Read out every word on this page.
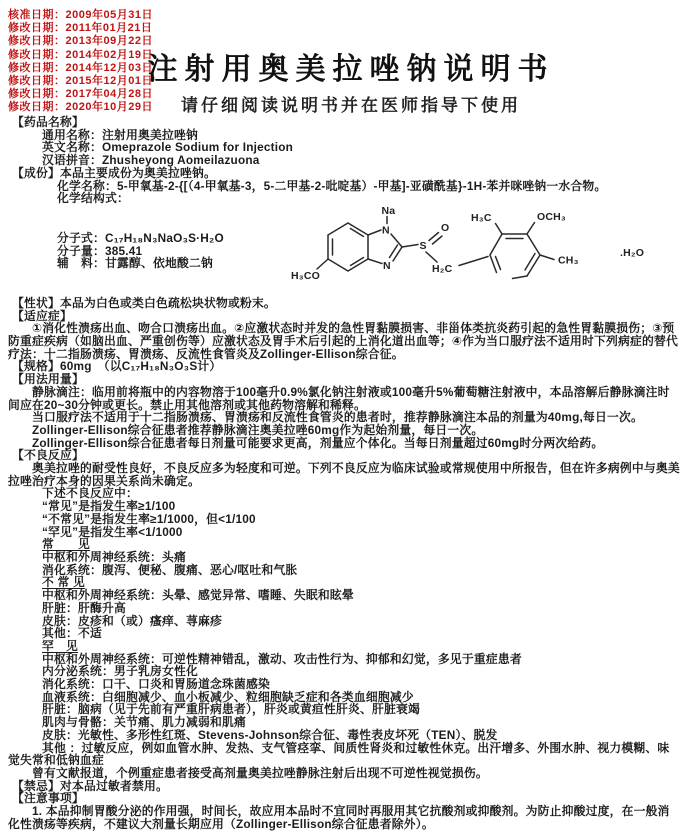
核准日期：2009年05月31日
修改日期：2011年01月21日
修改日期：2013年09月22日
修改日期：2014年02月19日
修改日期：2014年12月03日
修改日期：2015年12月01日
修改日期：2017年04月28日
修改日期：2020年10月29日
注射用奥美拉唑钠说明书
请仔细阅读说明书并在医师指导下使用
【药品名称】
通用名称：注射用奥美拉唑钠
英文名称：Omeprazole Sodium for Injection
汉语拼音：Zhusheyong Aomeilazuona
【成份】本品主要成份为奥美拉唑钠。
化学名称：5-甲氧基-2-{[（4-甲氧基-3，5-二甲基-2-吡啶基）-甲基]-亚磺酰基}-1H-苯并咪唑钠一水合物。
化学结构式：
分子式：C₁₇H₁₈N₃NaO₃S·H₂O
分子量：385.41
辅　料：甘露醇、依地酸二钠
Na
N
N
S
O
H₂C
H₃CO
H₃C	OCH₃
CH₃
.H₂O
【性状】本品为白色或类白色疏松块状物或粉末。
【适应症】
①消化性溃疡出血、吻合口溃疡出血。②应激状态时并发的急性胃黏膜损害、非甾体类抗炎药引起的急性胃黏膜损伤；③预防重症疾病（如脑出血、严重创伤等）应激状态及胃手术后引起的上消化道出血等；④作为当口服疗法不适用时下列病症的替代疗法：十二指肠溃疡、胃溃疡、反流性食管炎及Zollinger-Ellison综合征。
【规格】60mg　（以C₁₇H₁₈N₃O₃S计）
【用法用量】
静脉滴注：临用前将瓶中的内容物溶于100毫升0.9%氯化钠注射液或100毫升5%葡萄糖注射液中，本品溶解后静脉滴注时间应在20~30分钟或更长。禁止用其他溶剂或其他药物溶解和稀释。
当口服疗法不适用于十二指肠溃疡、胃溃疡和反流性食管炎的患者时，推荐静脉滴注本品的剂量为40mg,每日一次。
Zollinger-Ellison综合征患者推荐静脉滴注奥美拉唑60mg作为起始剂量，每日一次。
Zollinger-Ellison综合征患者每日剂量可能要求更高，剂量应个体化。当每日剂量超过60mg时分两次给药。
【不良反应】
奥美拉唑的耐受性良好，不良反应多为轻度和可逆。下列不良反应为临床试验或常规使用中所报告，但在许多病例中与奥美拉唑治疗本身的因果关系尚未确定。
下述不良反应中：
“常见”是指发生率≥1/100
“不常见”是指发生率≥1/1000，但<1/100
“罕见”是指发生率<1/1000
常　　见
中枢和外周神经系统：头痛
消化系统：腹泻、便秘、腹痛、恶心/呕吐和气胀
不 常 见
中枢和外周神经系统：头晕、感觉异常、嗜睡、失眠和眩晕
肝脏：肝酶升高
皮肤：皮疹和（或）瘙痒、荨麻疹
其他：不适
罕　见
中枢和外周神经系统：可逆性精神错乱，激动、攻击性行为、抑郁和幻觉，多见于重症患者
内分泌系统：男子乳房女性化
消化系统：口干、口炎和胃肠道念珠菌感染
血液系统：白细胞减少、血小板减少、粒细胞缺乏症和各类血细胞减少
肝脏：脑病（见于先前有严重肝病患者），肝炎或黄疸性肝炎、肝脏衰竭
肌肉与骨骼：关节痛、肌力减弱和肌痛
皮肤：光敏性、多形性红斑、Stevens-Johnson综合征、毒性表皮坏死（TEN）、脱发
其他 ：过敏反应，例如血管水肿、发热、支气管痉挛、间质性肾炎和过敏性休克。出汗增多、外围水肿、视力模糊、味觉失常和低钠血症
曾有文献报道，个例重症患者接受高剂量奥美拉唑静脉注射后出现不可逆性视觉损伤。
【禁忌】对本品过敏者禁用。
【注意事项】
1. 本品抑制胃酸分泌的作用强，时间长，故应用本品时不宜同时再服用其它抗酸剂或抑酸剂。为防止抑酸过度，在一般消化性溃疡等疾病，不建议大剂量长期应用（Zollinger-Ellison综合征患者除外）。
